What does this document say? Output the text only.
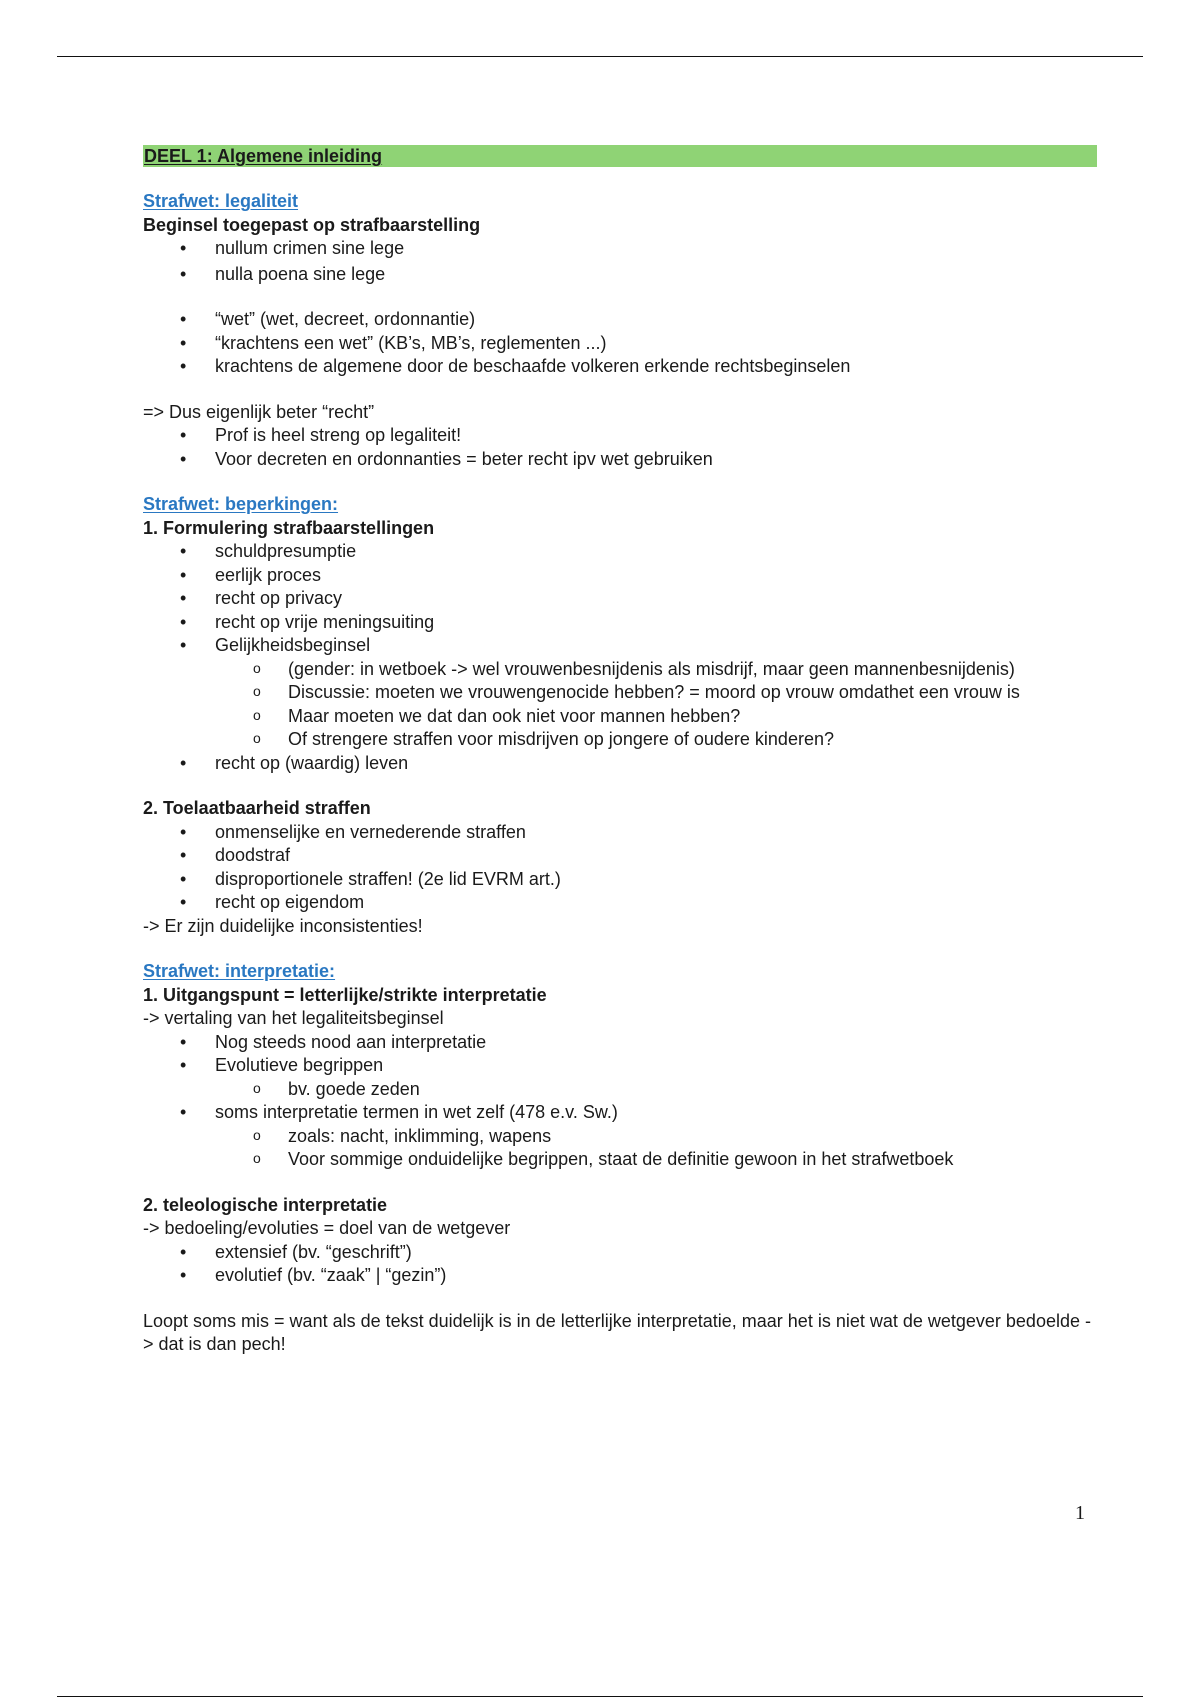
DEEL 1: Algemene inleiding
Strafwet: legaliteit
Beginsel toegepast op strafbaarstelling
• nullum crimen sine lege
• nulla poena sine lege
• “wet” (wet, decreet, ordonnantie)
• “krachtens een wet” (KB’s, MB’s, reglementen ...)
• krachtens de algemene door de beschaafde volkeren erkende rechtsbeginselen
=> Dus eigenlijk beter “recht”
• Prof is heel streng op legaliteit!
• Voor decreten en ordonnanties = beter recht ipv wet gebruiken
Strafwet: beperkingen:
1. Formulering strafbaarstellingen
• schuldpresumptie
• eerlijk proces
• recht op privacy
• recht op vrije meningsuiting
• Gelijkheidsbeginsel
o (gender: in wetboek -> wel vrouwenbesnijdenis als misdrijf, maar geen mannenbesnijdenis)
o Discussie: moeten we vrouwengenocide hebben? = moord op vrouw omdathet een vrouw is
o Maar moeten we dat dan ook niet voor mannen hebben?
o Of strengere straffen voor misdrijven op jongere of oudere kinderen?
• recht op (waardig) leven
2. Toelaatbaarheid straffen
• onmenselijke en vernederende straffen
• doodstraf
• disproportionele straffen! (2e lid EVRM art.)
• recht op eigendom
-> Er zijn duidelijke inconsistenties!
Strafwet: interpretatie:
1. Uitgangspunt = letterlijke/strikte interpretatie
-> vertaling van het legaliteitsbeginsel
• Nog steeds nood aan interpretatie
• Evolutieve begrippen
o bv. goede zeden
• soms interpretatie termen in wet zelf (478 e.v. Sw.)
o zoals: nacht, inklimming, wapens
o Voor sommige onduidelijke begrippen, staat de definitie gewoon in het strafwetboek
2. teleologische interpretatie
-> bedoeling/evoluties = doel van de wetgever
• extensief (bv. “geschrift”)
• evolutief (bv. “zaak” | “gezin”)
Loopt soms mis = want als de tekst duidelijk is in de letterlijke interpretatie, maar het is niet wat de wetgever bedoelde -> dat is dan pech!
1
